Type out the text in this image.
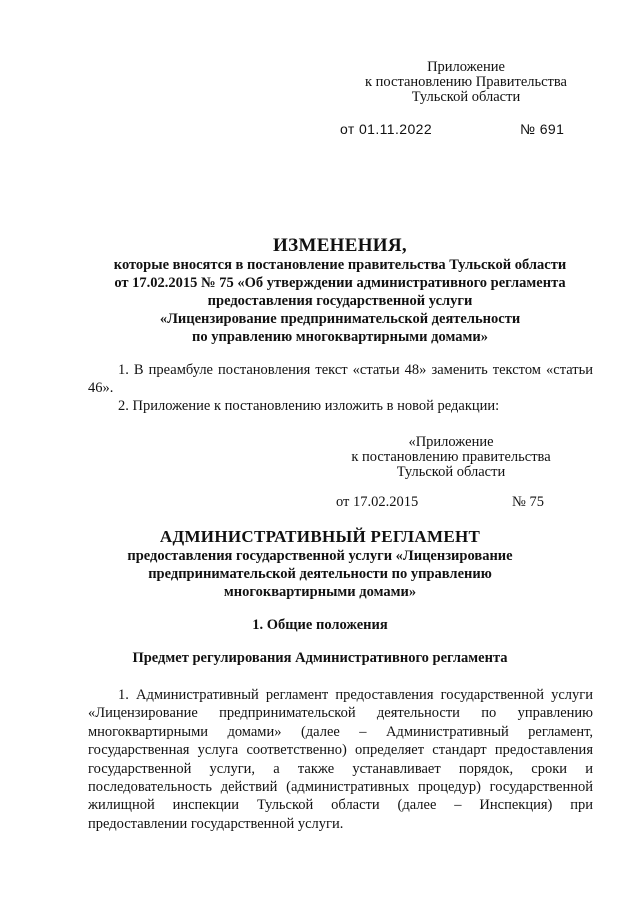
Приложение
к постановлению Правительства
Тульской области
от 01.11.2022	№ 691
ИЗМЕНЕНИЯ,
которые вносятся в постановление правительства Тульской области
от 17.02.2015 № 75 «Об утверждении административного регламента
предоставления государственной услуги
«Лицензирование предпринимательской деятельности
по управлению многоквартирными домами»
1. В преамбуле постановления текст «статьи 48» заменить текстом «статьи 46».
2. Приложение к постановлению изложить в новой редакции:
«Приложение
к постановлению правительства
Тульской области
от 17.02.2015	№ 75
АДМИНИСТРАТИВНЫЙ РЕГЛАМЕНТ
предоставления государственной услуги «Лицензирование
предпринимательской деятельности по управлению
многоквартирными домами»
1. Общие положения
Предмет регулирования Административного регламента
1. Административный регламент предоставления государственной услуги «Лицензирование предпринимательской деятельности по управлению многоквартирными домами» (далее – Административный регламент, государственная услуга соответственно) определяет стандарт предоставления государственной услуги, а также устанавливает порядок, сроки и последовательность действий (административных процедур) государственной жилищной инспекции Тульской области (далее – Инспекция) при предоставлении государственной услуги.
